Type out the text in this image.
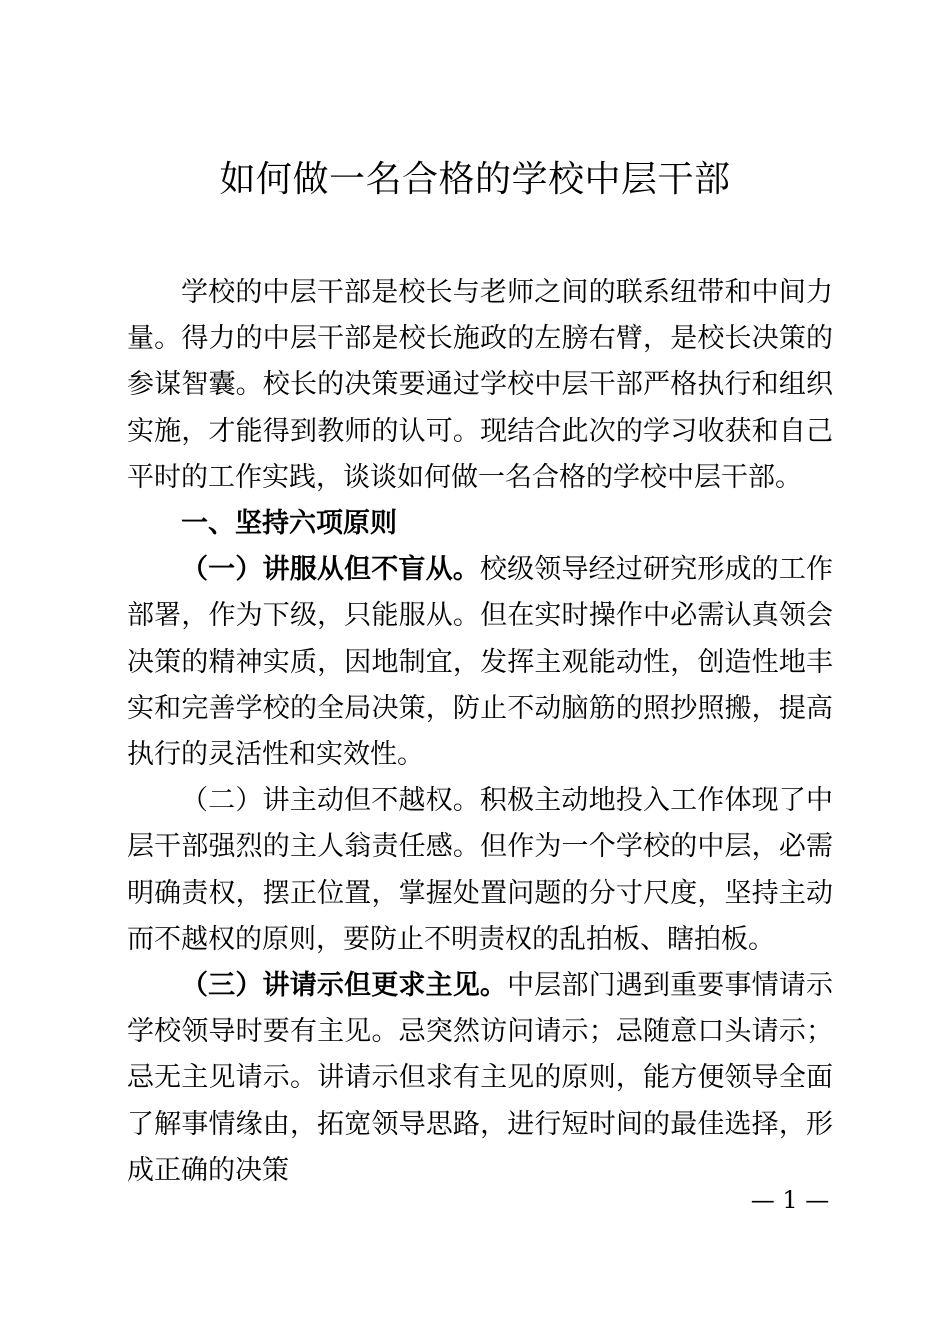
如何做一名合格的学校中层干部

学校的中层干部是校长与老师之间的联系纽带和中间力量。得力的中层干部是校长施政的左膀右臂，是校长决策的参谋智囊。校长的决策要通过学校中层干部严格执行和组织实施，才能得到教师的认可。现结合此次的学习收获和自己平时的工作实践，谈谈如何做一名合格的学校中层干部。

一、坚持六项原则

（一）讲服从但不盲从。校级领导经过研究形成的工作部署，作为下级，只能服从。但在实时操作中必需认真领会决策的精神实质，因地制宜，发挥主观能动性，创造性地丰实和完善学校的全局决策，防止不动脑筋的照抄照搬，提高执行的灵活性和实效性。

（二）讲主动但不越权。积极主动地投入工作体现了中层干部强烈的主人翁责任感。但作为一个学校的中层，必需明确责权，摆正位置，掌握处置问题的分寸尺度，坚持主动而不越权的原则，要防止不明责权的乱拍板、瞎拍板。

（三）讲请示但更求主见。中层部门遇到重要事情请示学校领导时要有主见。忌突然访问请示；忌随意口头请示；忌无主见请示。讲请示但求有主见的原则，能方便领导全面了解事情缘由，拓宽领导思路，进行短时间的最佳选择，形成正确的决策

— 1 —
